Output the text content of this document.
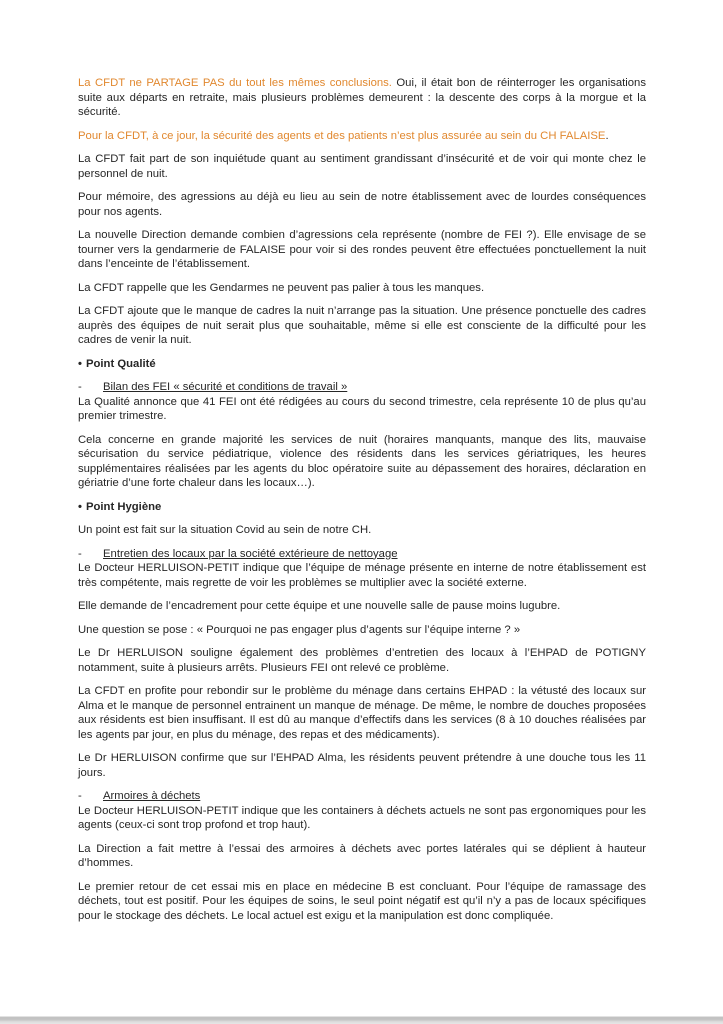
La CFDT ne PARTAGE PAS du tout les mêmes conclusions. Oui, il était bon de réinterroger les organisations suite aux départs en retraite, mais plusieurs problèmes demeurent : la descente des corps à la morgue et la sécurité.
Pour la CFDT, à ce jour, la sécurité des agents et des patients n’est plus assurée au sein du CH FALAISE.
La CFDT fait part de son inquiétude quant au sentiment grandissant d’insécurité et de voir qui monte chez le personnel de nuit.
Pour mémoire, des agressions au déjà eu lieu au sein de notre établissement avec de lourdes conséquences pour nos agents.
La nouvelle Direction demande combien d’agressions cela représente (nombre de FEI ?). Elle envisage de se tourner vers la gendarmerie de FALAISE pour voir si des rondes peuvent être effectuées ponctuellement la nuit dans l’enceinte de l’établissement.
La CFDT rappelle que les Gendarmes ne peuvent pas palier à tous les manques.
La CFDT ajoute que le manque de cadres la nuit n’arrange pas la situation. Une présence ponctuelle des cadres auprès des équipes de nuit serait plus que souhaitable, même si elle est consciente de la difficulté pour les cadres de venir la nuit.
• Point Qualité
- Bilan des FEI « sécurité et conditions de travail »
La Qualité annonce que 41 FEI ont été rédigées au cours du second trimestre, cela représente 10 de plus qu’au premier trimestre.
Cela concerne en grande majorité les services de nuit (horaires manquants, manque des lits, mauvaise sécurisation du service pédiatrique, violence des résidents dans les services gériatriques, les heures supplémentaires réalisées par les agents du bloc opératoire suite au dépassement des horaires, déclaration en gériatrie d’une forte chaleur dans les locaux…).
• Point Hygiène
Un point est fait sur la situation Covid au sein de notre CH.
- Entretien des locaux par la société extérieure de nettoyage
Le Docteur HERLUISON-PETIT indique que l’équipe de ménage présente en interne de notre établissement est très compétente, mais regrette de voir les problèmes se multiplier avec la société externe.
Elle demande de l’encadrement pour cette équipe et une nouvelle salle de pause moins lugubre.
Une question se pose : « Pourquoi ne pas engager plus d’agents sur l’équipe interne ? »
Le Dr HERLUISON souligne également des problèmes d’entretien des locaux à l’EHPAD de POTIGNY notamment, suite à plusieurs arrêts. Plusieurs FEI ont relevé ce problème.
La CFDT en profite pour rebondir sur le problème du ménage dans certains EHPAD : la vétusté des locaux sur Alma et le manque de personnel entrainent un manque de ménage. De même, le nombre de douches proposées aux résidents est bien insuffisant. Il est dû au manque d’effectifs dans les services (8 à 10 douches réalisées par les agents par jour, en plus du ménage, des repas et des médicaments).
Le Dr HERLUISON confirme que sur l’EHPAD Alma, les résidents peuvent prétendre à une douche tous les 11 jours.
- Armoires à déchets
Le Docteur HERLUISON-PETIT indique que les containers à déchets actuels ne sont pas ergonomiques pour les agents (ceux-ci sont trop profond et trop haut).
La Direction a fait mettre à l’essai des armoires à déchets avec portes latérales qui se déplient à hauteur d’hommes.
Le premier retour de cet essai mis en place en médecine B est concluant. Pour l’équipe de ramassage des déchets, tout est positif. Pour les équipes de soins, le seul point négatif est qu’il n’y a pas de locaux spécifiques pour le stockage des déchets. Le local actuel est exigu et la manipulation est donc compliquée.
